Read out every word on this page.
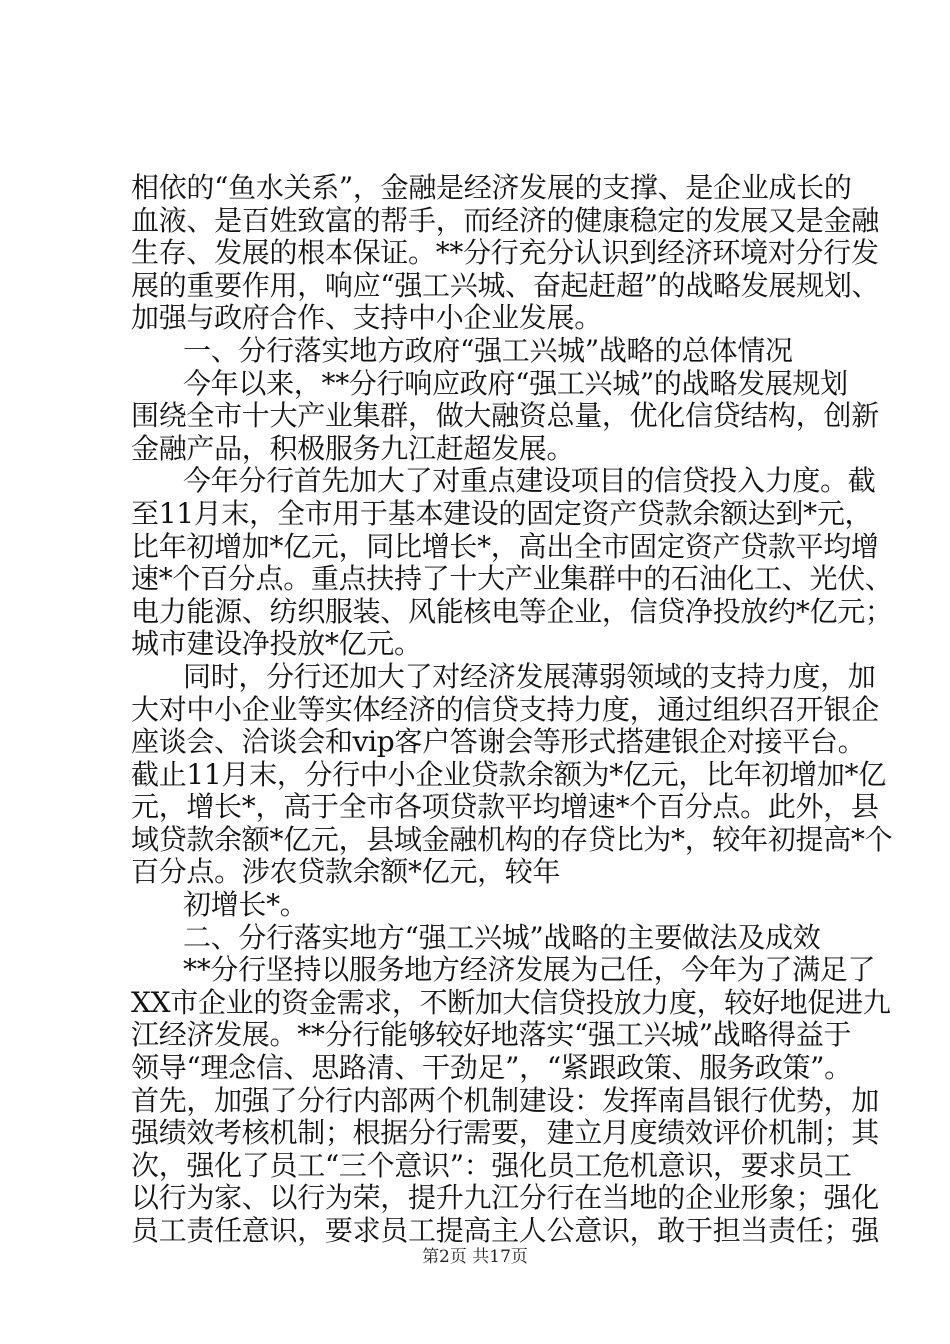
相依的“鱼水关系”，金融是经济发展的支撑、是企业成长的
血液、是百姓致富的帮手，而经济的健康稳定的发展又是金融
生存、发展的根本保证。**分行充分认识到经济环境对分行发
展的重要作用，响应“强工兴城、奋起赶超”的战略发展规划、
加强与政府合作、支持中小企业发展。
一、分行落实地方政府“强工兴城”战略的总体情况
今年以来，**分行响应政府“强工兴城”的战略发展规划
围绕全市十大产业集群，做大融资总量，优化信贷结构，创新
金融产品，积极服务九江赶超发展。
今年分行首先加大了对重点建设项目的信贷投入力度。截
至11月末，全市用于基本建设的固定资产贷款余额达到*元，
比年初增加*亿元，同比增长*，高出全市固定资产贷款平均增
速*个百分点。重点扶持了十大产业集群中的石油化工、光伏、
电力能源、纺织服装、风能核电等企业，信贷净投放约*亿元；
城市建设净投放*亿元。
同时，分行还加大了对经济发展薄弱领域的支持力度，加
大对中小企业等实体经济的信贷支持力度，通过组织召开银企
座谈会、洽谈会和vip客户答谢会等形式搭建银企对接平台。
截止11月末，分行中小企业贷款余额为*亿元，比年初增加*亿
元，增长*，高于全市各项贷款平均增速*个百分点。此外，县
域贷款余额*亿元，县域金融机构的存贷比为*，较年初提高*个
百分点。涉农贷款余额*亿元，较年
初增长*。
二、分行落实地方“强工兴城”战略的主要做法及成效
**分行坚持以服务地方经济发展为己任，今年为了满足了
XX市企业的资金需求，不断加大信贷投放力度，较好地促进九
江经济发展。**分行能够较好地落实“强工兴城”战略得益于
领导“理念信、思路清、干劲足”，“紧跟政策、服务政策”。
首先，加强了分行内部两个机制建设：发挥南昌银行优势，加
强绩效考核机制；根据分行需要，建立月度绩效评价机制；其
次，强化了员工“三个意识”：强化员工危机意识，要求员工
以行为家、以行为荣，提升九江分行在当地的企业形象；强化
员工责任意识，要求员工提高主人公意识，敢于担当责任；强
第2页 共17页
